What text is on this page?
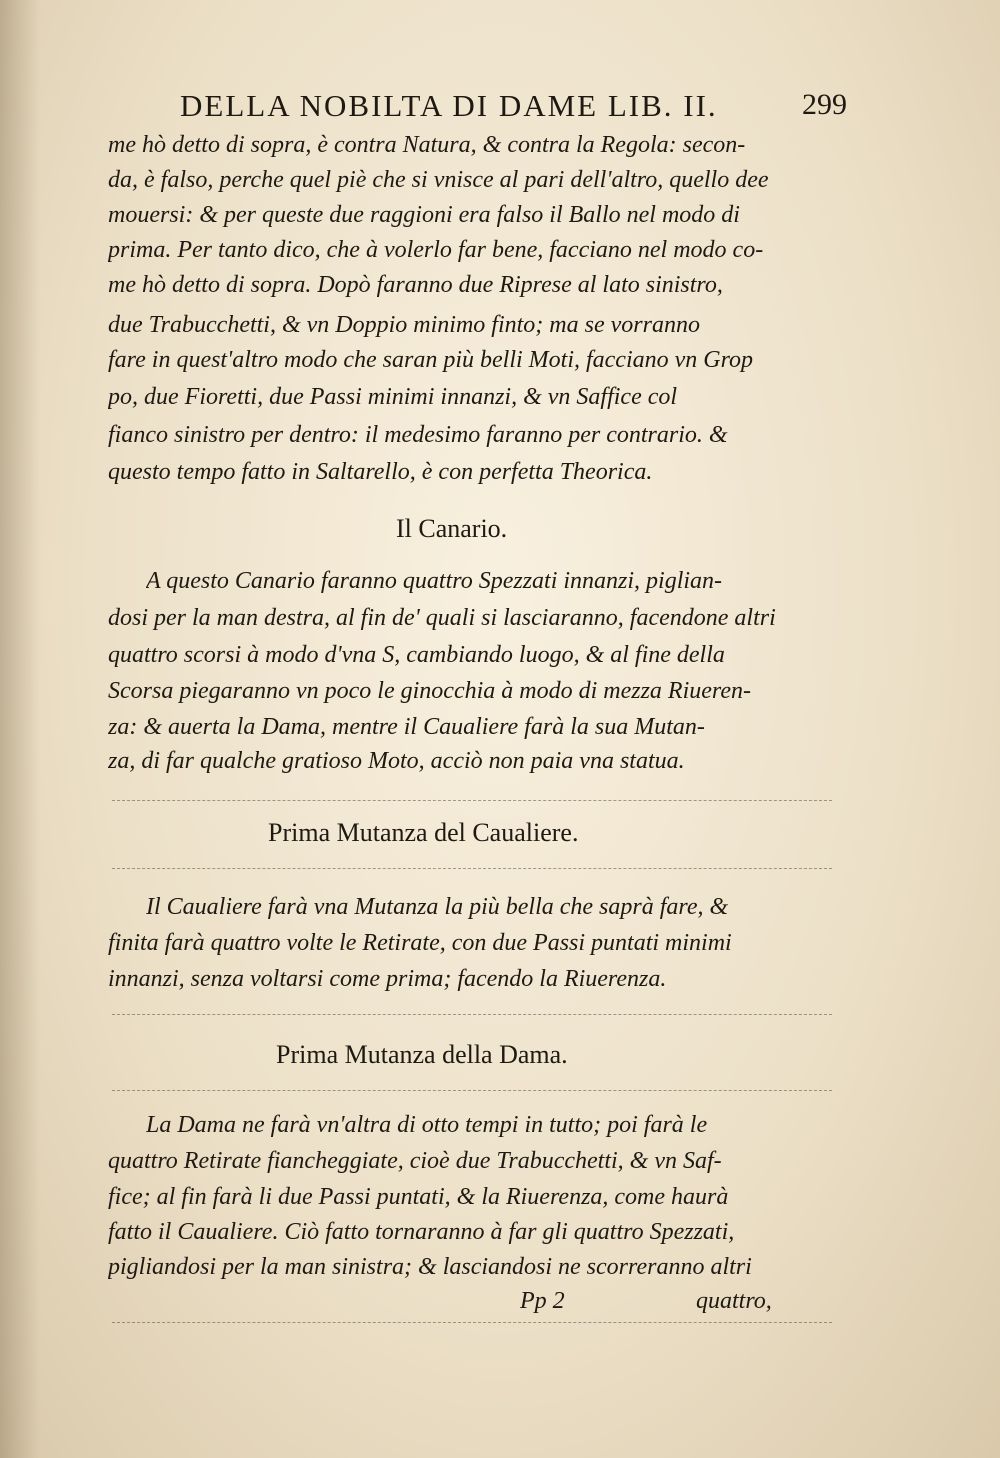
DELLA NOBILTA DI DAME LIB. II.	299
me hò detto di sopra, è contra Natura, & contra la Regola: secon-
da, è falso, perche quel piè che si vnisce al pari dell'altro, quello dee
mouersi: & per queste due raggioni era falso il Ballo nel modo di
prima. Per tanto dico, che à volerlo far bene, facciano nel modo co-
me hò detto di sopra. Dopò faranno due Riprese al lato sinistro,
due Trabucchetti, & vn Doppio minimo finto; ma se vorranno
fare in quest'altro modo che saran più belli Moti, facciano vn Grop
po, due Fioretti, due Passi minimi innanzi, & vn Saffice col
fianco sinistro per dentro: il medesimo faranno per contrario. &
questo tempo fatto in Saltarello, è con perfetta Theorica.
Il Canario.
A questo Canario faranno quattro Spezzati innanzi, piglian-
dosi per la man destra, al fin de' quali si lasciaranno, facendone altri
quattro scorsi à modo d'vna S, cambiando luogo, & al fine della
Scorsa piegaranno vn poco le ginocchia à modo di mezza Riueren-
za: & auerta la Dama, mentre il Caualiere farà la sua Mutan-
za, di far qualche gratioso Moto, acciò non paia vna statua.
Prima Mutanza del Caualiere.
Il Caualiere farà vna Mutanza la più bella che saprà fare, &
finita farà quattro volte le Retirate, con due Passi puntati minimi
innanzi, senza voltarsi come prima; facendo la Riuerenza.
Prima Mutanza della Dama.
La Dama ne farà vn'altra di otto tempi in tutto; poi farà le
quattro Retirate fiancheggiate, cioè due Trabucchetti, & vn Saf-
fice; al fin farà li due Passi puntati, & la Riuerenza, come haurà
fatto il Caualiere. Ciò fatto tornaranno à far gli quattro Spezzati,
pigliandosi per la man sinistra; & lasciandosi ne scorreranno altri
Pp 2	quattro,
